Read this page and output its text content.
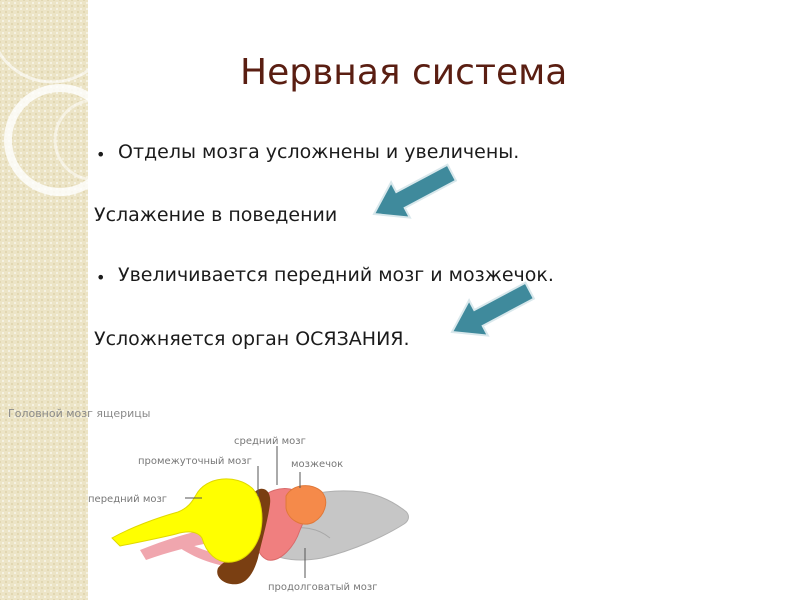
Нервная система
• Отделы мозга усложнены и увеличены.
Услажение в поведении
• Увеличивается передний мозг и мозжечок.
Усложняется орган ОСЯЗАНИЯ.
Головной мозг ящерицы
средний мозг
промежуточный мозг	мозжечок
передний мозг
продолговатый мозг
